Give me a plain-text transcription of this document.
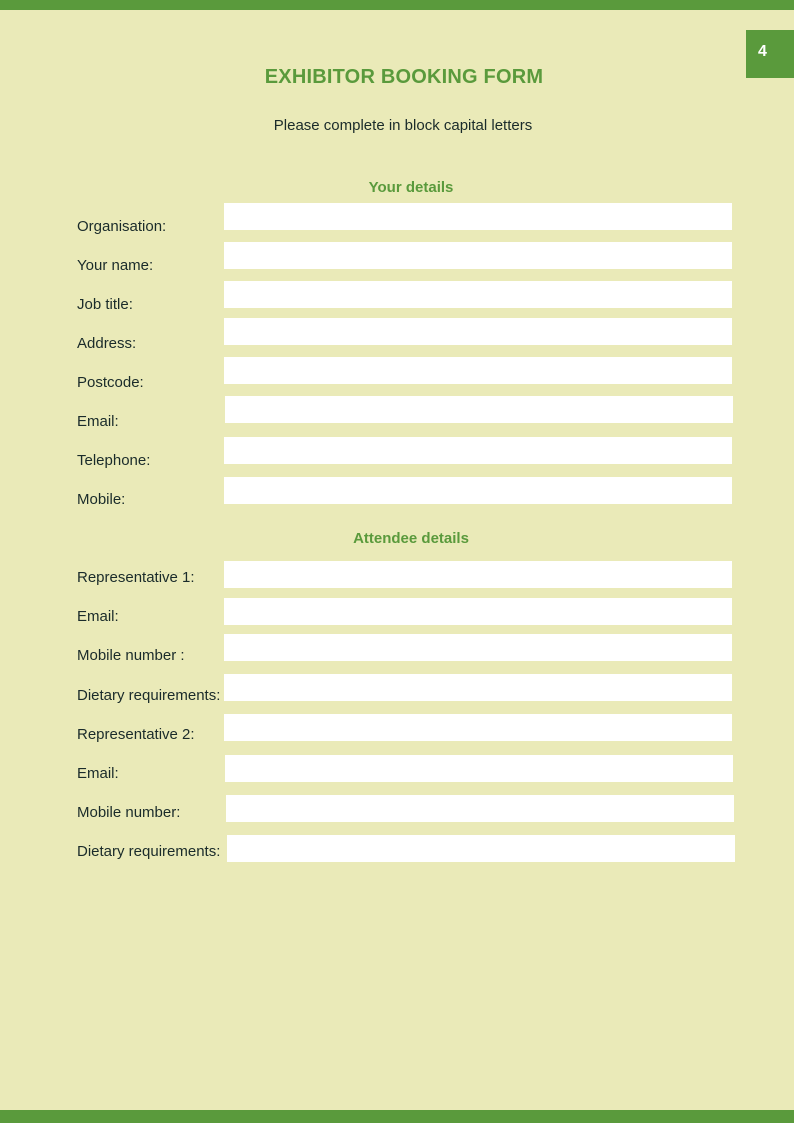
4
EXHIBITOR BOOKING FORM
Please complete in block capital letters
Your details
Organisation:
Your name:
Job title:
Address:
Postcode:
Email:
Telephone:
Mobile:
Attendee details
Representative 1:
Email:
Mobile number :
Dietary requirements:
Representative 2:
Email:
Mobile number:
Dietary requirements:
